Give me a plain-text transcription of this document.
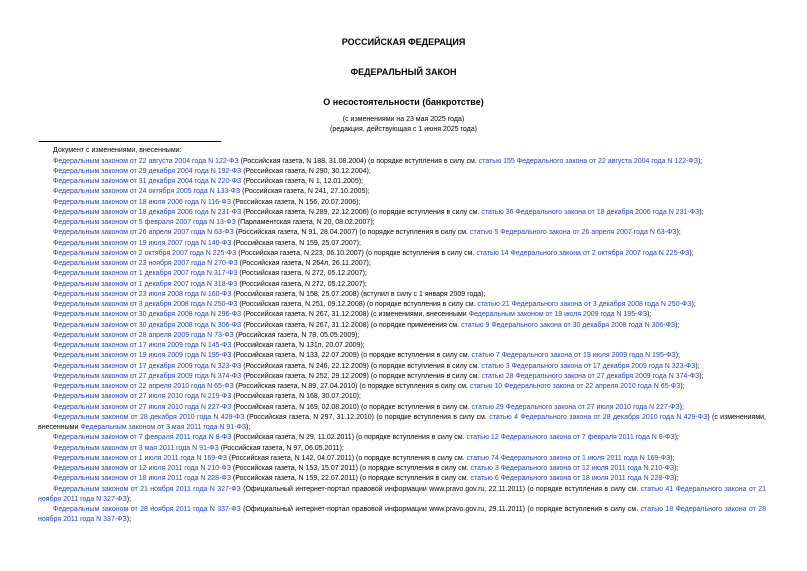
РОССИЙСКАЯ ФЕДЕРАЦИЯ
ФЕДЕРАЛЬНЫЙ ЗАКОН
О несостоятельности (банкротстве)
(с изменениями на 23 мая 2025 года)
(редакция, действующая с 1 июня 2025 года)
Документ с изменениями, внесенными:
Федеральным законом от 22 августа 2004 года N 122-ФЗ (Российская газета, N 188, 31.08.2004) (о порядке вступления в силу см. статью 155 Федерального закона от 22 августа 2004 года N 122-ФЗ);
Федеральным законом от 29 декабря 2004 года N 192-ФЗ (Российская газета, N 290, 30.12.2004);
Федеральным законом от 31 декабря 2004 года N 220-ФЗ (Российская газета, N 1, 12.01.2005);
Федеральным законом от 24 октября 2005 года N 133-ФЗ (Российская газета, N 241, 27.10.2005);
Федеральным законом от 18 июля 2006 года N 116-ФЗ (Российская газета, N 156, 20.07.2006);
Федеральным законом от 18 декабря 2006 года N 231-ФЗ (Российская газета, N 289, 22.12.2006) (о порядке вступления в силу см. статью 36 Федерального закона от 18 декабря 2006 года N 231-ФЗ);
Федеральным законом от 5 февраля 2007 года N 13-ФЗ (Парламентская газета, N 20, 08.02.2007);
Федеральным законом от 26 апреля 2007 года N 63-ФЗ (Российская газета, N 91, 28.04.2007) (о порядке вступления в силу см. статью 5 Федерального закона от 26 апреля 2007 года N 63-ФЗ);
Федеральным законом от 19 июля 2007 года N 140-ФЗ (Российская газета, N 159, 25.07.2007);
Федеральным законом от 2 октября 2007 года N 225-ФЗ (Российская газета, N 223, 06.10.2007) (о порядке вступления в силу см. статью 14 Федерального закона от 2 октября 2007 года N 225-ФЗ);
Федеральным законом от 23 ноября 2007 года N 270-ФЗ (Российская газета, N 264л, 26.11.2007);
Федеральным законом от 1 декабря 2007 года N 317-ФЗ (Российская газета, N 272, 05.12.2007);
Федеральным законом от 1 декабря 2007 года N 318-ФЗ (Российская газета, N 272, 05.12.2007);
Федеральным законом от 23 июля 2008 года N 160-ФЗ (Российская газета, N 158, 25.07.2008) (вступил в силу с 1 января 2009 года);
Федеральным законом от 3 декабря 2008 года N 250-ФЗ (Российская газета, N 251, 09.12.2008) (о порядке вступления в силу см. статью 21 Федерального закона от 3 декабря 2008 года N 250-ФЗ);
Федеральным законом от 30 декабря 2008 года N 296-ФЗ (Российская газета, N 267, 31.12.2008) (с изменениями, внесенными Федеральным законом от 19 июля 2009 года N 195-ФЗ);
Федеральным законом от 30 декабря 2008 года N 306-ФЗ (Российская газета, N 267, 31.12.2008) (о порядке применения см. статью 9 Федерального закона от 30 декабря 2008 года N 306-ФЗ);
Федеральным законом от 28 апреля 2009 года N 73-ФЗ (Российская газета, N 78, 05.05.2009);
Федеральным законом от 17 июля 2009 года N 145-ФЗ (Российская газета, N 131п, 20.07.2009);
Федеральным законом от 19 июля 2009 года N 195-ФЗ (Российская газета, N 133, 22.07.2009) (о порядке вступления в силу см. статью 7 Федерального закона от 19 июля 2009 года N 195-ФЗ);
Федеральным законом от 17 декабря 2009 года N 323-ФЗ (Российская газета, N 246, 22.12.2009) (о порядке вступления в силу см. статью 3 Федерального закона от 17 декабря 2009 года N 323-ФЗ);
Федеральным законом от 27 декабря 2009 года N 374-ФЗ (Российская газета, N 252, 29.12.2009) (о порядке вступления в силу см. статью 28 Федерального закона от 27 декабря 2009 года N 374-ФЗ);
Федеральным законом от 22 апреля 2010 года N 65-ФЗ (Российская газета, N 89, 27.04.2010) (о порядке вступления в силу см. статью 10 Федерального закона от 22 апреля 2010 года N 65-ФЗ);
Федеральным законом от 27 июля 2010 года N 219-ФЗ (Российская газета, N 168, 30.07.2010);
Федеральным законом от 27 июля 2010 года N 227-ФЗ (Российская газета, N 169, 02.08.2010) (о порядке вступления в силу см. статью 29 Федерального закона от 27 июля 2010 года N 227-ФЗ);
Федеральным законом от 28 декабря 2010 года N 429-ФЗ (Российская газета, N 297, 31.12.2010) (о порядке вступления в силу см. статью 4 Федерального закона от 28 декабря 2010 года N 429-ФЗ) (с изменениями, внесенными Федеральным законом от 3 мая 2011 года N 91-ФЗ);
Федеральным законом от 7 февраля 2011 года N 8-ФЗ (Российская газета, N 29, 11.02.2011) (о порядке вступления в силу см. статью 12 Федерального закона от 7 февраля 2011 года N 8-ФЗ);
Федеральным законом от 3 мая 2011 года N 91-ФЗ (Российская газета, N 97, 06.05.2011);
Федеральным законом от 1 июля 2011 года N 169-ФЗ (Российская газета, N 142, 04.07.2011) (о порядке вступления в силу см. статью 74 Федерального закона от 1 июля 2011 года N 169-ФЗ);
Федеральным законом от 12 июля 2011 года N 210-ФЗ (Российская газета, N 153, 15.07.2011) (о порядке вступления в силу см. статью 3 Федерального закона от 12 июля 2011 года N 210-ФЗ);
Федеральным законом от 18 июля 2011 года N 228-ФЗ (Российская газета, N 159, 22.07.2011) (о порядке вступления в силу см. статью 6 Федерального закона от 18 июля 2011 года N 228-ФЗ);
Федеральным законом от 21 ноября 2011 года N 327-ФЗ (Официальный интернет-портал правовой информации www.pravo.gov.ru, 22.11.2011) (о порядке вступления в силу см. статью 41 Федерального закона от 21 ноября 2011 года N 327-ФЗ);
Федеральным законом от 28 ноября 2011 года N 337-ФЗ (Официальный интернет-портал правовой информации www.pravo.gov.ru, 29.11.2011) (о порядке вступления в силу см. статью 18 Федерального закона от 28 ноября 2011 года N 337-ФЗ);
